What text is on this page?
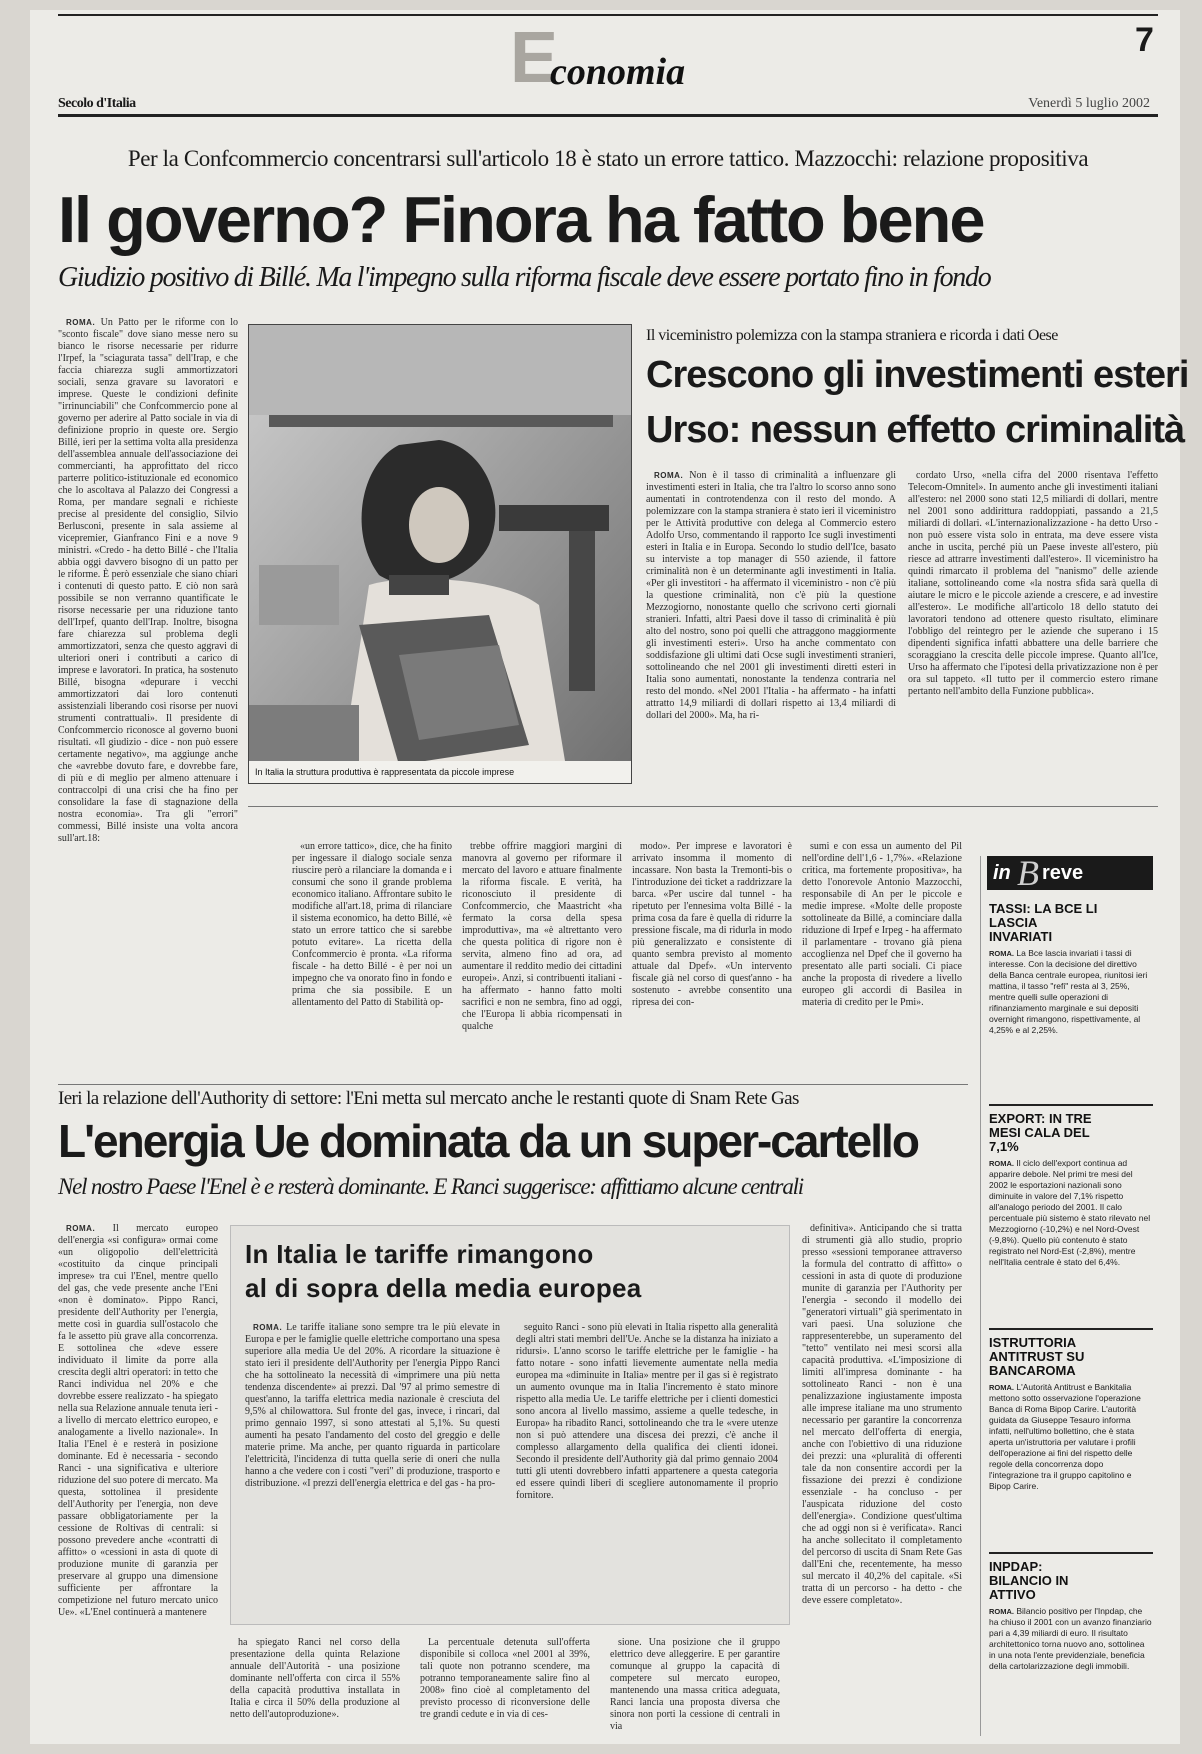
E
conomia
7
Secolo d'Italia	Venerdì 5 luglio 2002
Per la Confcommercio concentrarsi sull'articolo 18 è stato un errore tattico. Mazzocchi: relazione propositiva
Il governo? Finora ha fatto bene
Giudizio positivo di Billé. Ma l'impegno sulla riforma fiscale deve essere portato fino in fondo

ROMA. Un Patto per le riforme con lo "sconto fiscale" dove siano messe nero su bianco le risorse necessarie per ridurre l'Irpef, la "sciagurata tassa" dell'Irap, e che faccia chiarezza sugli ammortizzatori sociali, senza gravare su lavoratori e imprese. Queste le condizioni definite "irrinunciabili" che Confcommercio pone al governo per aderire al Patto sociale in via di definizione proprio in queste ore. Sergio Billé, ieri per la settima volta alla presidenza dell'assemblea annuale dell'associazione dei commercianti, ha approfittato del ricco parterre politico-istituzionale ed economico che lo ascoltava al Palazzo dei Congressi a Roma, per mandare segnali e richieste precise al presidente del consiglio, Silvio Berlusconi, presente in sala assieme al vicepremier, Gianfranco Fini e a nove 9 ministri. «Credo - ha detto Billé - che l'Italia abbia oggi davvero bisogno di un patto per le riforme. È però essenziale che siano chiari i contenuti di questo patto. E ciò non sarà possibile se non verranno quantificate le risorse necessarie per una riduzione tanto dell'Irpef, quanto dell'Irap. Inoltre, bisogna fare chiarezza sul problema degli ammortizzatori, senza che questo aggravi di ulteriori oneri i contributi a carico di imprese e lavoratori. In pratica, ha sostenuto Billé, bisogna «depurare i vecchi ammortizzatori dai loro contenuti assistenziali liberando così risorse per nuovi strumenti contrattuali». Il presidente di Confcommercio riconosce al governo buoni risultati. «Il giudizio - dice - non può essere certamente negativo», ma aggiunge anche che «avrebbe dovuto fare, e dovrebbe fare, di più e di meglio per almeno attenuare i contraccolpi di una crisi che ha fino per consolidare la fase di stagnazione della nostra economia». Tra gli "errori" commessi, Billé insiste una volta ancora sull'art.18:

In Italia la struttura produttiva è rappresentata da piccole imprese
Il viceministro polemizza con la stampa straniera e ricorda i dati Oese
Crescono gli investimenti esteri
Urso: nessun effetto criminalità

ROMA. Non è il tasso di criminalità a influenzare gli investimenti esteri in Italia, che tra l'altro lo scorso anno sono aumentati in controtendenza con il resto del mondo. A polemizzare con la stampa straniera è stato ieri il viceministro per le Attività produttive con delega al Commercio estero Adolfo Urso, commentando il rapporto Ice sugli investimenti esteri in Italia e in Europa. Secondo lo studio dell'Ice, basato su interviste a top manager di 550 aziende, il fattore criminalità non è un determinante agli investimenti in Italia. «Per gli investitori - ha affermato il viceministro - non c'è più la questione criminalità, non c'è più la questione Mezzogiorno, nonostante quello che scrivono certi giornali stranieri. Infatti, altri Paesi dove il tasso di criminalità è più alto del nostro, sono poi quelli che attraggono maggiormente gli investimenti esteri». Urso ha anche commentato con soddisfazione gli ultimi dati Ocse sugli investimenti stranieri, sottolineando che nel 2001 gli investimenti diretti esteri in Italia sono aumentati, nonostante la tendenza contraria nel resto del mondo. «Nel 2001 l'Italia - ha affermato - ha infatti attratto 14,9 miliardi di dollari rispetto ai 13,4 miliardi di dollari del 2000». Ma, ha ri-

cordato Urso, «nella cifra del 2000 risentava l'effetto Telecom-Omnitel». In aumento anche gli investimenti italiani all'estero: nel 2000 sono stati 12,5 miliardi di dollari, mentre nel 2001 sono addirittura raddoppiati, passando a 21,5 miliardi di dollari. «L'internazionalizzazione - ha detto Urso - non può essere vista solo in entrata, ma deve essere vista anche in uscita, perché più un Paese investe all'estero, più riesce ad attrarre investimenti dall'estero». Il viceministro ha quindi rimarcato il problema del "nanismo" delle aziende italiane, sottolineando come «la nostra sfida sarà quella di aiutare le micro e le piccole aziende a crescere, e ad investire all'estero». Le modifiche all'articolo 18 dello statuto dei lavoratori tendono ad ottenere questo risultato, eliminare l'obbligo del reintegro per le aziende che superano i 15 dipendenti significa infatti abbattere una delle barriere che scoraggiano la crescita delle piccole imprese. Quanto all'Ice, Urso ha affermato che l'ipotesi della privatizzazione non è per ora sul tappeto. «Il tutto per il commercio estero rimane pertanto nell'ambito della Funzione pubblica».

«un errore tattico», dice, che ha finito per ingessare il dialogo sociale senza riuscire però a rilanciare la domanda e i consumi che sono il grande problema economico italiano. Affrontare subito le modifiche all'art.18, prima di rilanciare il sistema economico, ha detto Billé, «è stato un errore tattico che si sarebbe potuto evitare». La ricetta della Confcommercio è pronta. «La riforma fiscale - ha detto Billé - è per noi un impegno che va onorato fino in fondo e prima che sia possibile. E un allentamento del Patto di Stabilità op-

trebbe offrire maggiori margini di manovra al governo per riformare il mercato del lavoro e attuare finalmente la riforma fiscale. E verità, ha riconosciuto il presidente di Confcommercio, che Maastricht «ha fermato la corsa della spesa improduttiva», ma «è altrettanto vero che questa politica di rigore non è servita, almeno fino ad ora, ad aumentare il reddito medio dei cittadini europei». Anzi, si contribuenti italiani - ha affermato - hanno fatto molti sacrifici e non ne sembra, fino ad oggi, che l'Europa li abbia ricompensati in qualche

modo». Per imprese e lavoratori è arrivato insomma il momento di incassare. Non basta la Tremonti-bis o l'introduzione dei ticket a raddrizzare la barca. «Per uscire dal tunnel - ha ripetuto per l'ennesima volta Billé - la prima cosa da fare è quella di ridurre la pressione fiscale, ma di ridurla in modo più generalizzato e consistente di quanto sembra previsto al momento attuale dal Dpef». «Un intervento fiscale già nel corso di quest'anno - ha sostenuto - avrebbe consentito una ripresa dei con-

sumi e con essa un aumento del Pil nell'ordine dell'1,6 - 1,7%». «Relazione critica, ma fortemente propositiva», ha detto l'onorevole Antonio Mazzocchi, responsabile di An per le piccole e medie imprese. «Molte delle proposte sottolineate da Billé, a cominciare dalla riduzione di Irpef e Irpeg - ha affermato il parlamentare - trovano già piena accoglienza nel Dpef che il governo ha presentato alle parti sociali. Ci piace anche la proposta di rivedere a livello europeo gli accordi di Basilea in materia di credito per le Pmi».

in B reve
TASSI: LA BCE LI LASCIA INVARIATI
ROMA. La Bce lascia invariati i tassi di interesse. Con la decisione del direttivo della Banca centrale europea, riunitosi ieri mattina, il tasso "refi" resta al 3, 25%, mentre quelli sulle operazioni di rifinanziamento marginale e sui depositi overnight rimangono, rispettivamente, al 4,25% e al 2,25%.
EXPORT: IN TRE MESI CALA DEL 7,1%
ROMA. Il ciclo dell'export continua ad apparire debole. Nel primi tre mesi del 2002 le esportazioni nazionali sono diminuite in valore del 7,1% rispetto all'analogo periodo del 2001. Il calo percentuale più sistemo è stato rilevato nel Mezzogiorno (-10,2%) e nel Nord-Ovest (-9,8%). Quello più contenuto è stato registrato nel Nord-Est (-2,8%), mentre nell'Italia centrale è stato del 6,4%.
ISTRUTTORIA ANTITRUST SU BANCAROMA
ROMA. L'Autorità Antitrust e Bankitalia mettono sotto osservazione l'operazione Banca di Roma Bipop Carire. L'autorità guidata da Giuseppe Tesauro informa infatti, nell'ultimo bollettino, che è stata aperta un'istruttoria per valutare i profili dell'operazione ai fini del rispetto delle regole della concorrenza dopo l'integrazione tra il gruppo capitolino e Bipop Carire.
INPDAP: BILANCIO IN ATTIVO
ROMA. Bilancio positivo per l'Inpdap, che ha chiuso il 2001 con un avanzo finanziario pari a 4,39 miliardi di euro. Il risultato architettonico torna nuovo ano, sottolinea in una nota l'ente previdenziale, beneficia della cartolarizzazione degli immobili.
Ieri la relazione dell'Authority di settore: l'Eni metta sul mercato anche le restanti quote di Snam Rete Gas
L'energia Ue dominata da un super-cartello
Nel nostro Paese l'Enel è e resterà dominante. E Ranci suggerisce: affittiamo alcune centrali

ROMA. Il mercato europeo dell'energia «si configura» ormai come «un oligopolio dell'elettricità «costituito da cinque principali imprese» tra cui l'Enel, mentre quello del gas, che vede presente anche l'Eni «non è dominato». Pippo Ranci, presidente dell'Authority per l'energia, mette così in guardia sull'ostacolo che fa le assetto più grave alla concorrenza. E sottolinea che «deve essere individuato il limite da porre alla crescita degli altri operatori: in tetto che Ranci individua nel 20% e che dovrebbe essere realizzato - ha spiegato nella sua Relazione annuale tenuta ieri - a livello di mercato elettrico europeo, e analogamente a livello nazionale». In Italia l'Enel è e resterà in posizione dominante. Ed è necessaria - secondo Ranci - una significativa e ulteriore riduzione del suo potere di mercato. Ma questa, sottolinea il presidente dell'Authority per l'energia, non deve passare obbligatoriamente per la cessione de Roltivas di centrali: si possono prevedere anche «contratti di affitto» o «cessioni in asta di quote di produzione munite di garanzia per preservare al gruppo una dimensione sufficiente per affrontare la competizione nel futuro mercato unico Ue». «L'Enel continuerà a mantenere

In Italia le tariffe rimangono
al di sopra della media europea

ROMA. Le tariffe italiane sono sempre tra le più elevate in Europa e per le famiglie quelle elettriche comportano una spesa superiore alla media Ue del 20%. A ricordare la situazione è stato ieri il presidente dell'Authority per l'energia Pippo Ranci che ha sottolineato la necessità di «imprimere una più netta tendenza discendente» ai prezzi. Dal '97 al primo semestre di quest'anno, la tariffa elettrica media nazionale è cresciuta del 9,5% al chilowattora. Sul fronte del gas, invece, i rincari, dal primo gennaio 1997, si sono attestati al 5,1%. Su questi aumenti ha pesato l'andamento del costo del greggio e delle materie prime. Ma anche, per quanto riguarda in particolare l'elettricità, l'incidenza di tutta quella serie di oneri che nulla hanno a che vedere con i costi "veri" di produzione, trasporto e distribuzione. «I prezzi dell'energia elettrica e del gas - ha pro-

seguito Ranci - sono più elevati in Italia rispetto alla generalità degli altri stati membri dell'Ue. Anche se la distanza ha iniziato a ridursi». L'anno scorso le tariffe elettriche per le famiglie - ha fatto notare - sono infatti lievemente aumentate nella media europea ma «diminuite in Italia» mentre per il gas si è registrato un aumento ovunque ma in Italia l'incremento è stato minore rispetto alla media Ue. Le tariffe elettriche per i clienti domestici sono ancora al livello massimo, assieme a quelle tedesche, in Europa» ha ribadito Ranci, sottolineando che tra le «vere utenze non si può attendere una discesa dei prezzi, c'è anche il complesso allargamento della qualifica dei clienti idonei. Secondo il presidente dell'Authority già dal primo gennaio 2004 tutti gli utenti dovrebbero infatti appartenere a questa categoria ed essere quindi liberi di scegliere autonomamente il proprio fornitore.

ha spiegato Ranci nel corso della presentazione della quinta Relazione annuale dell'Autorità - una posizione dominante nell'offerta con circa il 55% della capacità produttiva installata in Italia e circa il 50% della produzione al netto dell'autoproduzione».

La percentuale detenuta sull'offerta disponibile si colloca «nel 2001 al 39%, tali quote non potranno scendere, ma potranno temporaneamente salire fino al 2008» fino cioè al completamento del previsto processo di riconversione delle tre grandi cedute e in via di ces-

sione. Una posizione che il gruppo elettrico deve alleggerire. E per garantire comunque al gruppo la capacità di competere sul mercato europeo, mantenendo una massa critica adeguata, Ranci lancia una proposta diversa che sinora non porti la cessione di centrali in via

definitiva». Anticipando che si tratta di strumenti già allo studio, proprio presso «sessioni temporanee attraverso la formula del contratto di affitto» o cessioni in asta di quote di produzione munite di garanzia per l'Authority per l'energia - secondo il modello dei "generatori virtuali" già sperimentato in vari paesi. Una soluzione che rappresenterebbe, un superamento del "tetto" ventilato nei mesi scorsi alla capacità produttiva. «L'imposizione di limiti all'impresa dominante - ha sottolineato Ranci - non è una penalizzazione ingiustamente imposta alle imprese italiane ma uno strumento necessario per garantire la concorrenza nel mercato dell'offerta di energia, anche con l'obiettivo di una riduzione dei prezzi: una «pluralità di offerenti tale da non consentire accordi per la fissazione dei prezzi è condizione essenziale - ha concluso - per l'auspicata riduzione del costo dell'energia». Condizione quest'ultima che ad oggi non si è verificata». Ranci ha anche sollecitato il completamento del percorso di uscita di Snam Rete Gas dall'Eni che, recentemente, ha messo sul mercato il 40,2% del capitale. «Si tratta di un percorso - ha detto - che deve essere completato».
